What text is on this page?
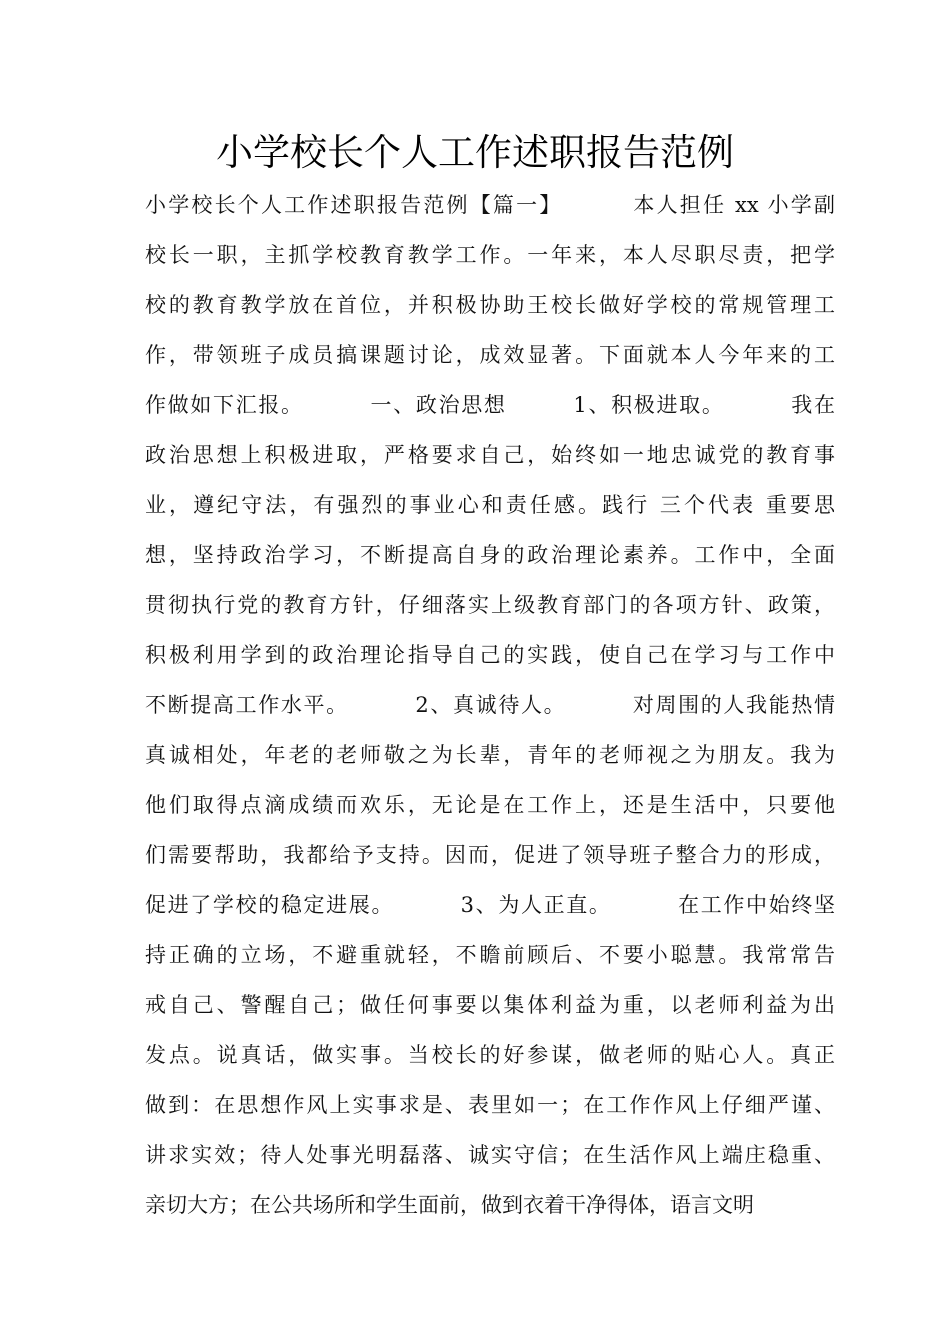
小学校长个人工作述职报告范例
小学校长个人工作述职报告范例【篇一】        本人担任 xx 小学副
校长一职，主抓学校教育教学工作。一年来，本人尽职尽责，把学
校的教育教学放在首位，并积极协助王校长做好学校的常规管理工
作，带领班子成员搞课题讨论，成效显著。下面就本人今年来的工
作做如下汇报。        一、政治思想        1、积极进取。        我在
政治思想上积极进取，严格要求自己，始终如一地忠诚党的教育事
业，遵纪守法，有强烈的事业心和责任感。践行 三个代表 重要思
想，坚持政治学习，不断提高自身的政治理论素养。工作中，全面
贯彻执行党的教育方针，仔细落实上级教育部门的各项方针、政策，
积极利用学到的政治理论指导自己的实践，使自己在学习与工作中
不断提高工作水平。        2、真诚待人。        对周围的人我能热情
真诚相处，年老的老师敬之为长辈，青年的老师视之为朋友。我为
他们取得点滴成绩而欢乐，无论是在工作上，还是生活中，只要他
们需要帮助，我都给予支持。因而，促进了领导班子整合力的形成，
促进了学校的稳定进展。        3、为人正直。        在工作中始终坚
持正确的立场，不避重就轻，不瞻前顾后、不要小聪慧。我常常告
戒自己、警醒自己；做任何事要以集体利益为重，以老师利益为出
发点。说真话，做实事。当校长的好参谋，做老师的贴心人。真正
做到：在思想作风上实事求是、表里如一；在工作作风上仔细严谨、
讲求实效；待人处事光明磊落、诚实守信；在生活作风上端庄稳重、
亲切大方；在公共场所和学生面前，做到衣着干净得体，语言文明
